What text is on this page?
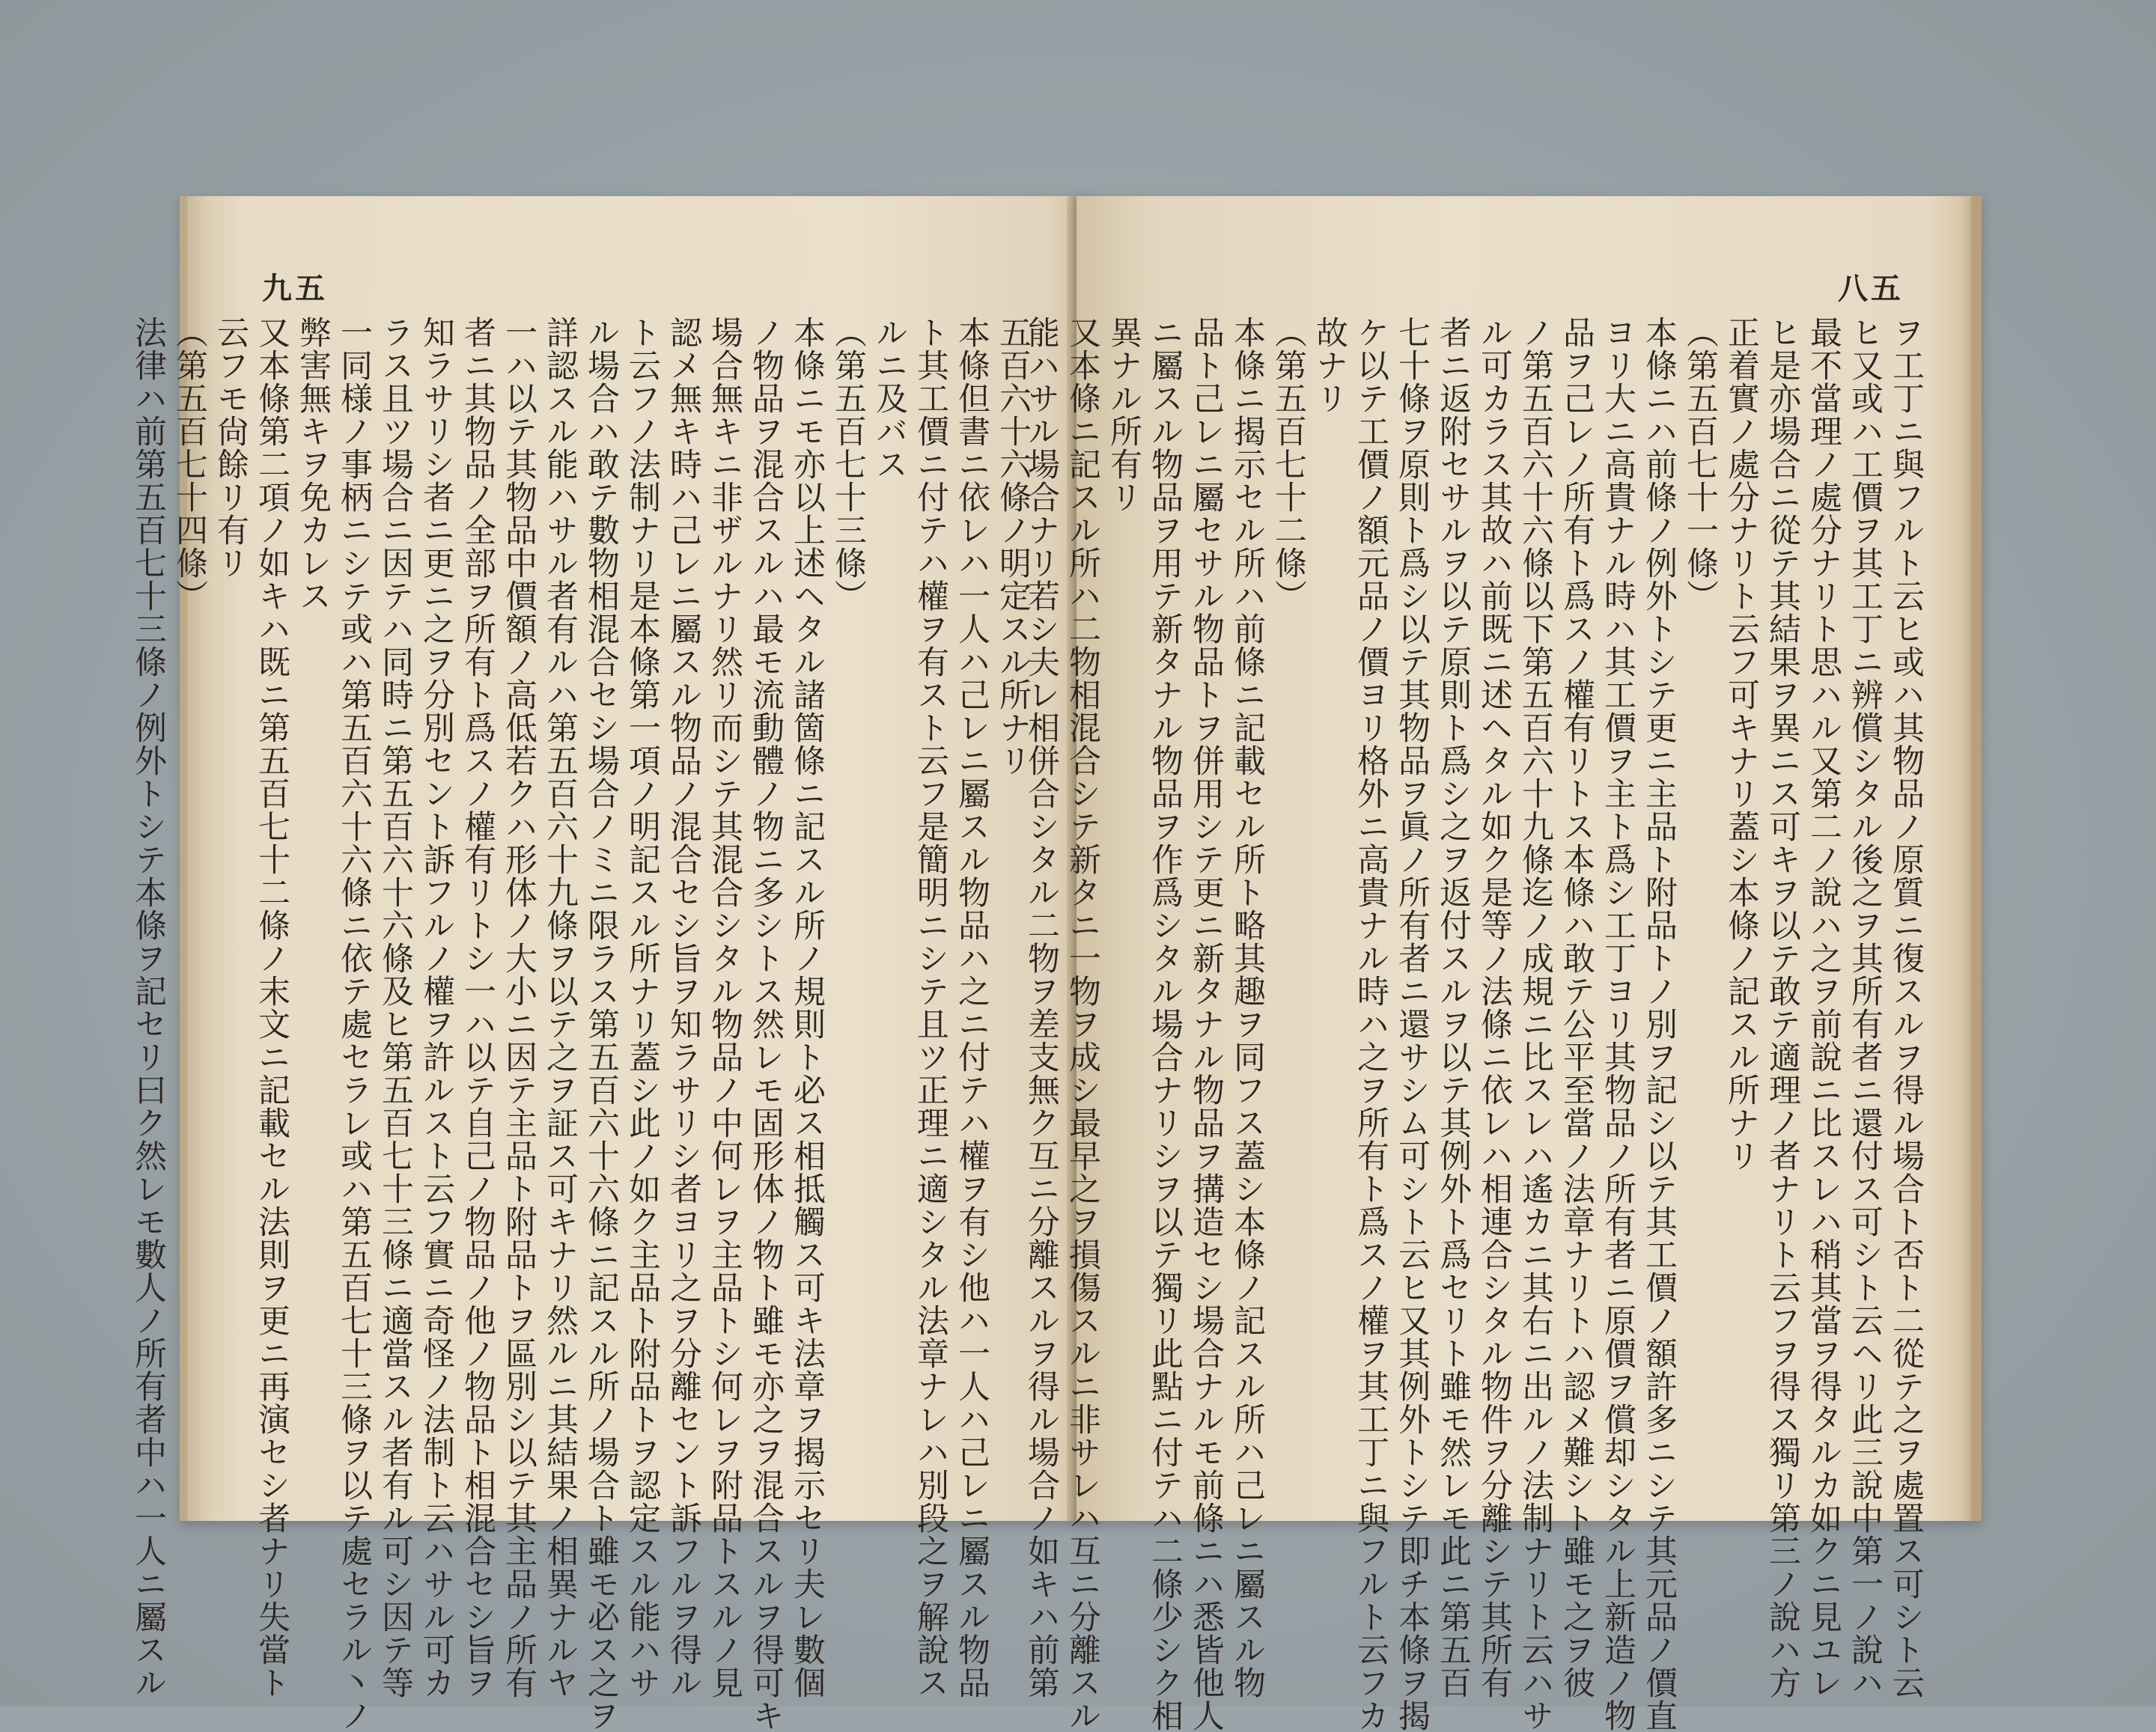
九五
五百六十六條ノ明定スル所ナリ
本條但書ニ依レハ一人ハ己レニ屬スル物品ハ之ニ付テハ權ヲ有シ他ハ一人ハ己レニ屬スル物品
ト其工價ニ付テハ權ヲ有スト云フ是簡明ニシテ且ツ正理ニ適シタル法章ナレハ別段之ヲ解說ス
ルニ及バス
（第五百七十三條）
本條ニモ亦以上述ヘタル諸箇條ニ記スル所ノ規則ト必ス相抵觸ス可キ法章ヲ揭示セリ夫レ數個
ノ物品ヲ混合スルハ最モ流動體ノ物ニ多シトス然レモ固形体ノ物ト雖モ亦之ヲ混合スルヲ得可キ
場合無キニ非ザルナリ然リ而シテ其混合シタル物品ノ中何レヲ主品トシ何レヲ附品トスルノ見
認メ無キ時ハ己レニ屬スル物品ノ混合セシ旨ヲ知ラサリシ者ヨリ之ヲ分離セント訴フルヲ得ル
ト云フノ法制ナリ是本條第一項ノ明記スル所ナリ蓋シ此ノ如ク主品ト附品トヲ認定スル能ハサ
ル場合ハ敢テ數物相混合セシ場合ノミニ限ラス第五百六十六條ニ記スル所ノ場合ト雖モ必ス之ヲ
詳認スル能ハサル者有ルハ第五百六十九條ヲ以テ之ヲ証ス可キナリ然ルニ其結果ノ相異ナルヤ
一ハ以テ其物品中價額ノ高低若クハ形体ノ大小ニ因テ主品ト附品トヲ區別シ以テ其主品ノ所有
者ニ其物品ノ全部ヲ所有ト爲スノ權有リトシ一ハ以テ自己ノ物品ノ他ノ物品ト相混合セシ旨ヲ
知ラサリシ者ニ更ニ之ヲ分別セント訴フルノ權ヲ許ルスト云フ實ニ奇怪ノ法制ト云ハサル可カ
ラス且ツ場合ニ因テハ同時ニ第五百六十六條及ヒ第五百七十三條ニ適當スル者有ル可シ因テ等
一同様ノ事柄ニシテ或ハ第五百六十六條ニ依テ處セラレ或ハ第五百七十三條ヲ以テ處セラル丶ノ
弊害無キヲ免カレス
又本條第二項ノ如キハ既ニ第五百七十二條ノ末文ニ記載セル法則ヲ更ニ再演セシ者ナリ失當ト
云フモ尙餘リ有リ
（第五百七十四條）
法律ハ前第五百七十三條ノ例外トシテ本條ヲ記セリ曰ク然レモ數人ノ所有者中ハ一人ニ屬スル
八五
ヲ工丁ニ與フルト云ヒ或ハ其物品ノ原質ニ復スルヲ得ル場合ト否ト二從テ之ヲ處置ス可シト云
ヒ又或ハ工價ヲ其工丁ニ辨償シタル後之ヲ其所有者ニ還付ス可シト云ヘリ此三說中第一ノ說ハ
最不當理ノ處分ナリト思ハル又第二ノ說ハ之ヲ前說ニ比スレハ稍其當ヲ得タルカ如クニ見ユレ
ヒ是亦場合ニ從テ其結果ヲ異ニス可キヲ以テ敢テ適理ノ者ナリト云フヲ得ス獨リ第三ノ說ハ方
正着實ノ處分ナリト云フ可キナリ蓋シ本條ノ記スル所ナリ
（第五百七十一條）
本條ニハ前條ノ例外トシテ更ニ主品ト附品トノ別ヲ記シ以テ其工價ノ額許多ニシテ其元品ノ價直
ヨリ大ニ高貴ナル時ハ其工價ヲ主ト爲シ工丁ヨリ其物品ノ所有者ニ原價ヲ償却シタル上新造ノ物
品ヲ己レノ所有ト爲スノ權有リトス本條ハ敢テ公平至當ノ法章ナリトハ認メ難シト雖モ之ヲ彼
ノ第五百六十六條以下第五百六十九條迄ノ成規ニ比スレハ遙カニ其右ニ出ルノ法制ナリト云ハサ
ル可カラス其故ハ前既ニ述ヘタル如ク是等ノ法條ニ依レハ相連合シタル物件ヲ分離シテ其所有
者ニ返附セサルヲ以テ原則ト爲シ之ヲ返付スルヲ以テ其例外ト爲セリト雖モ然レモ此ニ第五百
七十條ヲ原則ト爲シ以テ其物品ヲ眞ノ所有者ニ還サシム可シト云ヒ又其例外トシテ即チ本條ヲ揭
ケ以テ工價ノ額元品ノ價ヨリ格外ニ高貴ナル時ハ之ヲ所有ト爲スノ權ヲ其工丁ニ與フルト云フカ
故ナリ
（第五百七十二條）
本條ニ揭示セル所ハ前條ニ記載セル所ト略其趣ヲ同フス蓋シ本條ノ記スル所ハ己レニ屬スル物
品ト己レニ屬セサル物品トヲ併用シテ更ニ新タナル物品ヲ搆造セシ場合ナルモ前條ニハ悉皆他人
ニ屬スル物品ヲ用テ新タナル物品ヲ作爲シタル場合ナリシヲ以テ獨リ此點ニ付テハ二條少シク相
異ナル所有リ
又本條ニ記スル所ハ二物相混合シテ新タニ一物ヲ成シ最早之ヲ損傷スルニ非サレハ互ニ分離スル
能ハサル場合ナリ若シ夫レ相併合シタル二物ヲ差支無ク互ニ分離スルヲ得ル場合ノ如キハ前第
